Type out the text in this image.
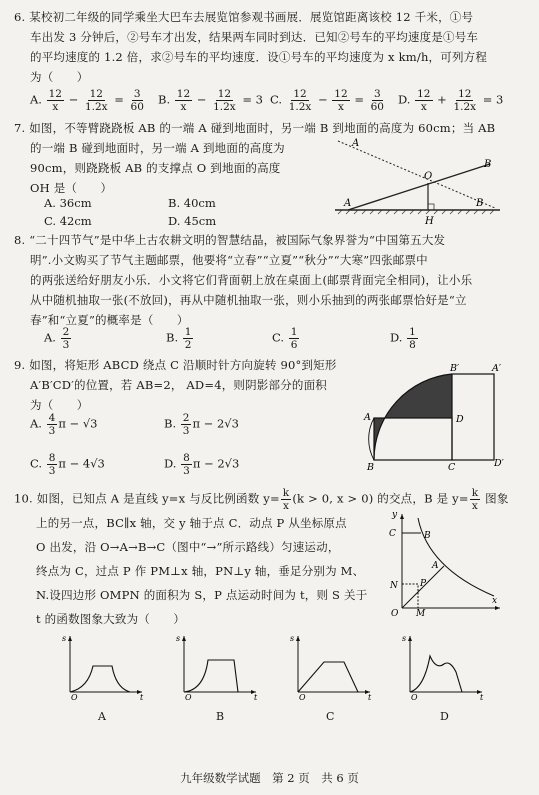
6. 某校初二年级的同学乘坐大巴车去展览馆参观书画展．展览馆距离该校 12 千米，①号
车出发 3 分钟后，②号车才出发，结果两车同时到达．已知②号车的平均速度是①号车
的平均速度的 1.2 倍，求②号车的平均速度．设①号车的平均速度为 x km/h，可列方程
为（　　）
A. $\frac{12}{x} - \frac{12}{1.2x} = \frac{3}{60} B$. $\frac{12}{x} - \frac{12}{1.2x} = 3$ C. $\frac{12}{1.2x} - \frac{12}{x} = \frac{3}{60} D$. $\frac{12}{x} + \frac{12}{1.2x} = 3$
7. 如图，不等臂跷跷板 AB 的一端 A 碰到地面时，另一端 B 到地面的高度为 60cm；当 AB
的一端 B 碰到地面时，另一端 A 到地面的高度为
90cm，则跷跷板 AB 的支撑点 O 到地面的高度
OH 是（　　）
A. 36cm	B. 40cm
C. 42cm	D. 45cm
A
B
O
A
H
B
8. “二十四节气”是中华上古农耕文明的智慧结晶，被国际气象界誉为“中国第五大发
明”.小文购买了节气主题邮票，他要将“立春”“立夏”“秋分”“大寒”四张邮票中
的两张送给好朋友小乐．小文将它们背面朝上放在桌面上(邮票背面完全相同)，让小乐
从中随机抽取一张(不放回)，再从中随机抽取一张，则小乐抽到的两张邮票恰好是“立
春”和“立夏”的概率是（　　）
A. $\frac{2}{3}$	B. $\frac{1}{2}$	C. $\frac{1}{6}$	D. $\frac{1}{8}$
9. 如图，将矩形 ABCD 绕点 C 沿顺时针方向旋转 90°到矩形
A′B′CD′的位置，若 AB=2， AD=4，则阴影部分的面积
为（　　）
A. $\frac{4}{3}$ π − √3	B. $\frac{2}{3}$ π − 2√3
C. $\frac{8}{3}$ π − 4√3	D. $\frac{8}{3}$ π − 2√3
B′	A′
A	D
B	C	D′
10. 如图，已知点 A 是直线 y=x 与反比例函数 $y= \frac{k}{x} (k > 0$, x > 0) 的交点，B 是 $y= \frac{k}{x}$ 图象
上的另一点，BC∥x 轴，交 y 轴于点 C．动点 P 从坐标原点
O 出发，沿 O→A→B→C（图中“→”所示路线）匀速运动，
终点为 C，过点 P 作 PM⊥x 轴，PN⊥y 轴，垂足分别为 M、
N.设四边形 OMPN 的面积为 S，P 点运动时间为 t，则 S 关于
t 的函数图象大致为（　　）
y
C	B
A
N P
O M
x
s
t
O
A
s
t
O
B
s
t
O
C
s
t
O
D
九年级数学试题　第 2 页　共 6 页
